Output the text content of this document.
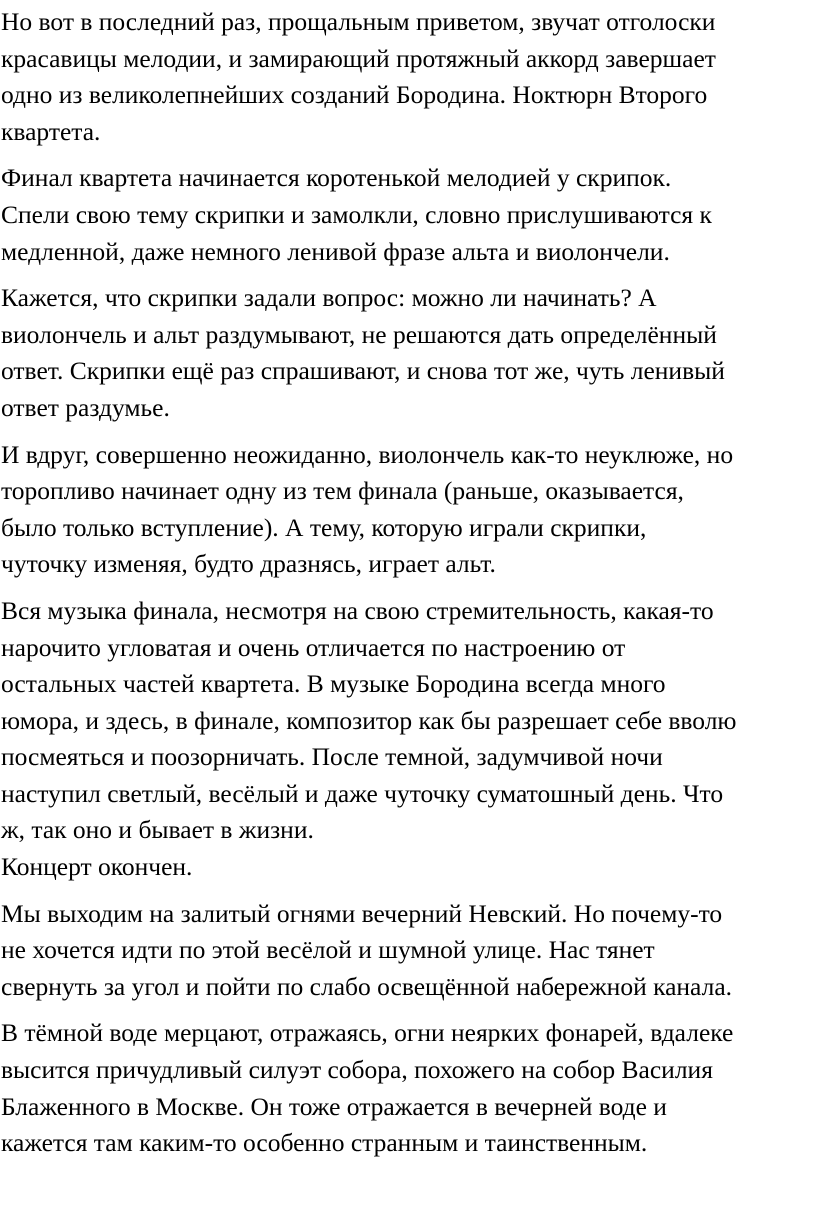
Но вот в последний раз, прощальным приветом, звучат отголоски
красавицы мелодии, и замирающий протяжный аккорд завершает
одно из великолепнейших созданий Бородина. Ноктюрн Второго
квартета.

Финал квартета начинается коротенькой мелодией у скрипок.
Спели свою тему скрипки и замолкли, словно прислушиваются к
медленной, даже немного ленивой фразе альта и виолончели.

Кажется, что скрипки задали вопрос: можно ли начинать? А
виолончель и альт раздумывают, не решаются дать определённый
ответ. Скрипки ещё раз спрашивают, и снова тот же, чуть ленивый
ответ раздумье.

И вдруг, совершенно неожиданно, виолончель как-то неуклюже, но
торопливо начинает одну из тем финала (раньше, оказывается,
было только вступление). А тему, которую играли скрипки,
чуточку изменяя, будто дразнясь, играет альт.

Вся музыка финала, несмотря на свою стремительность, какая-то
нарочито угловатая и очень отличается по настроению от
остальных частей квартета. В музыке Бородина всегда много
юмора, и здесь, в финале, композитор как бы разрешает себе вволю
посмеяться и поозорничать. После темной, задумчивой ночи
наступил светлый, весёлый и даже чуточку суматошный день. Что
ж, так оно и бывает в жизни.
Концерт окончен.

Мы выходим на залитый огнями вечерний Невский. Но почему-то
не хочется идти по этой весёлой и шумной улице. Нас тянет
свернуть за угол и пойти по слабо освещённой набережной канала.

В тёмной воде мерцают, отражаясь, огни неярких фонарей, вдалеке
высится причудливый силуэт собора, похожего на собор Василия
Блаженного в Москве. Он тоже отражается в вечерней воде и
кажется там каким-то особенно странным и таинственным.
